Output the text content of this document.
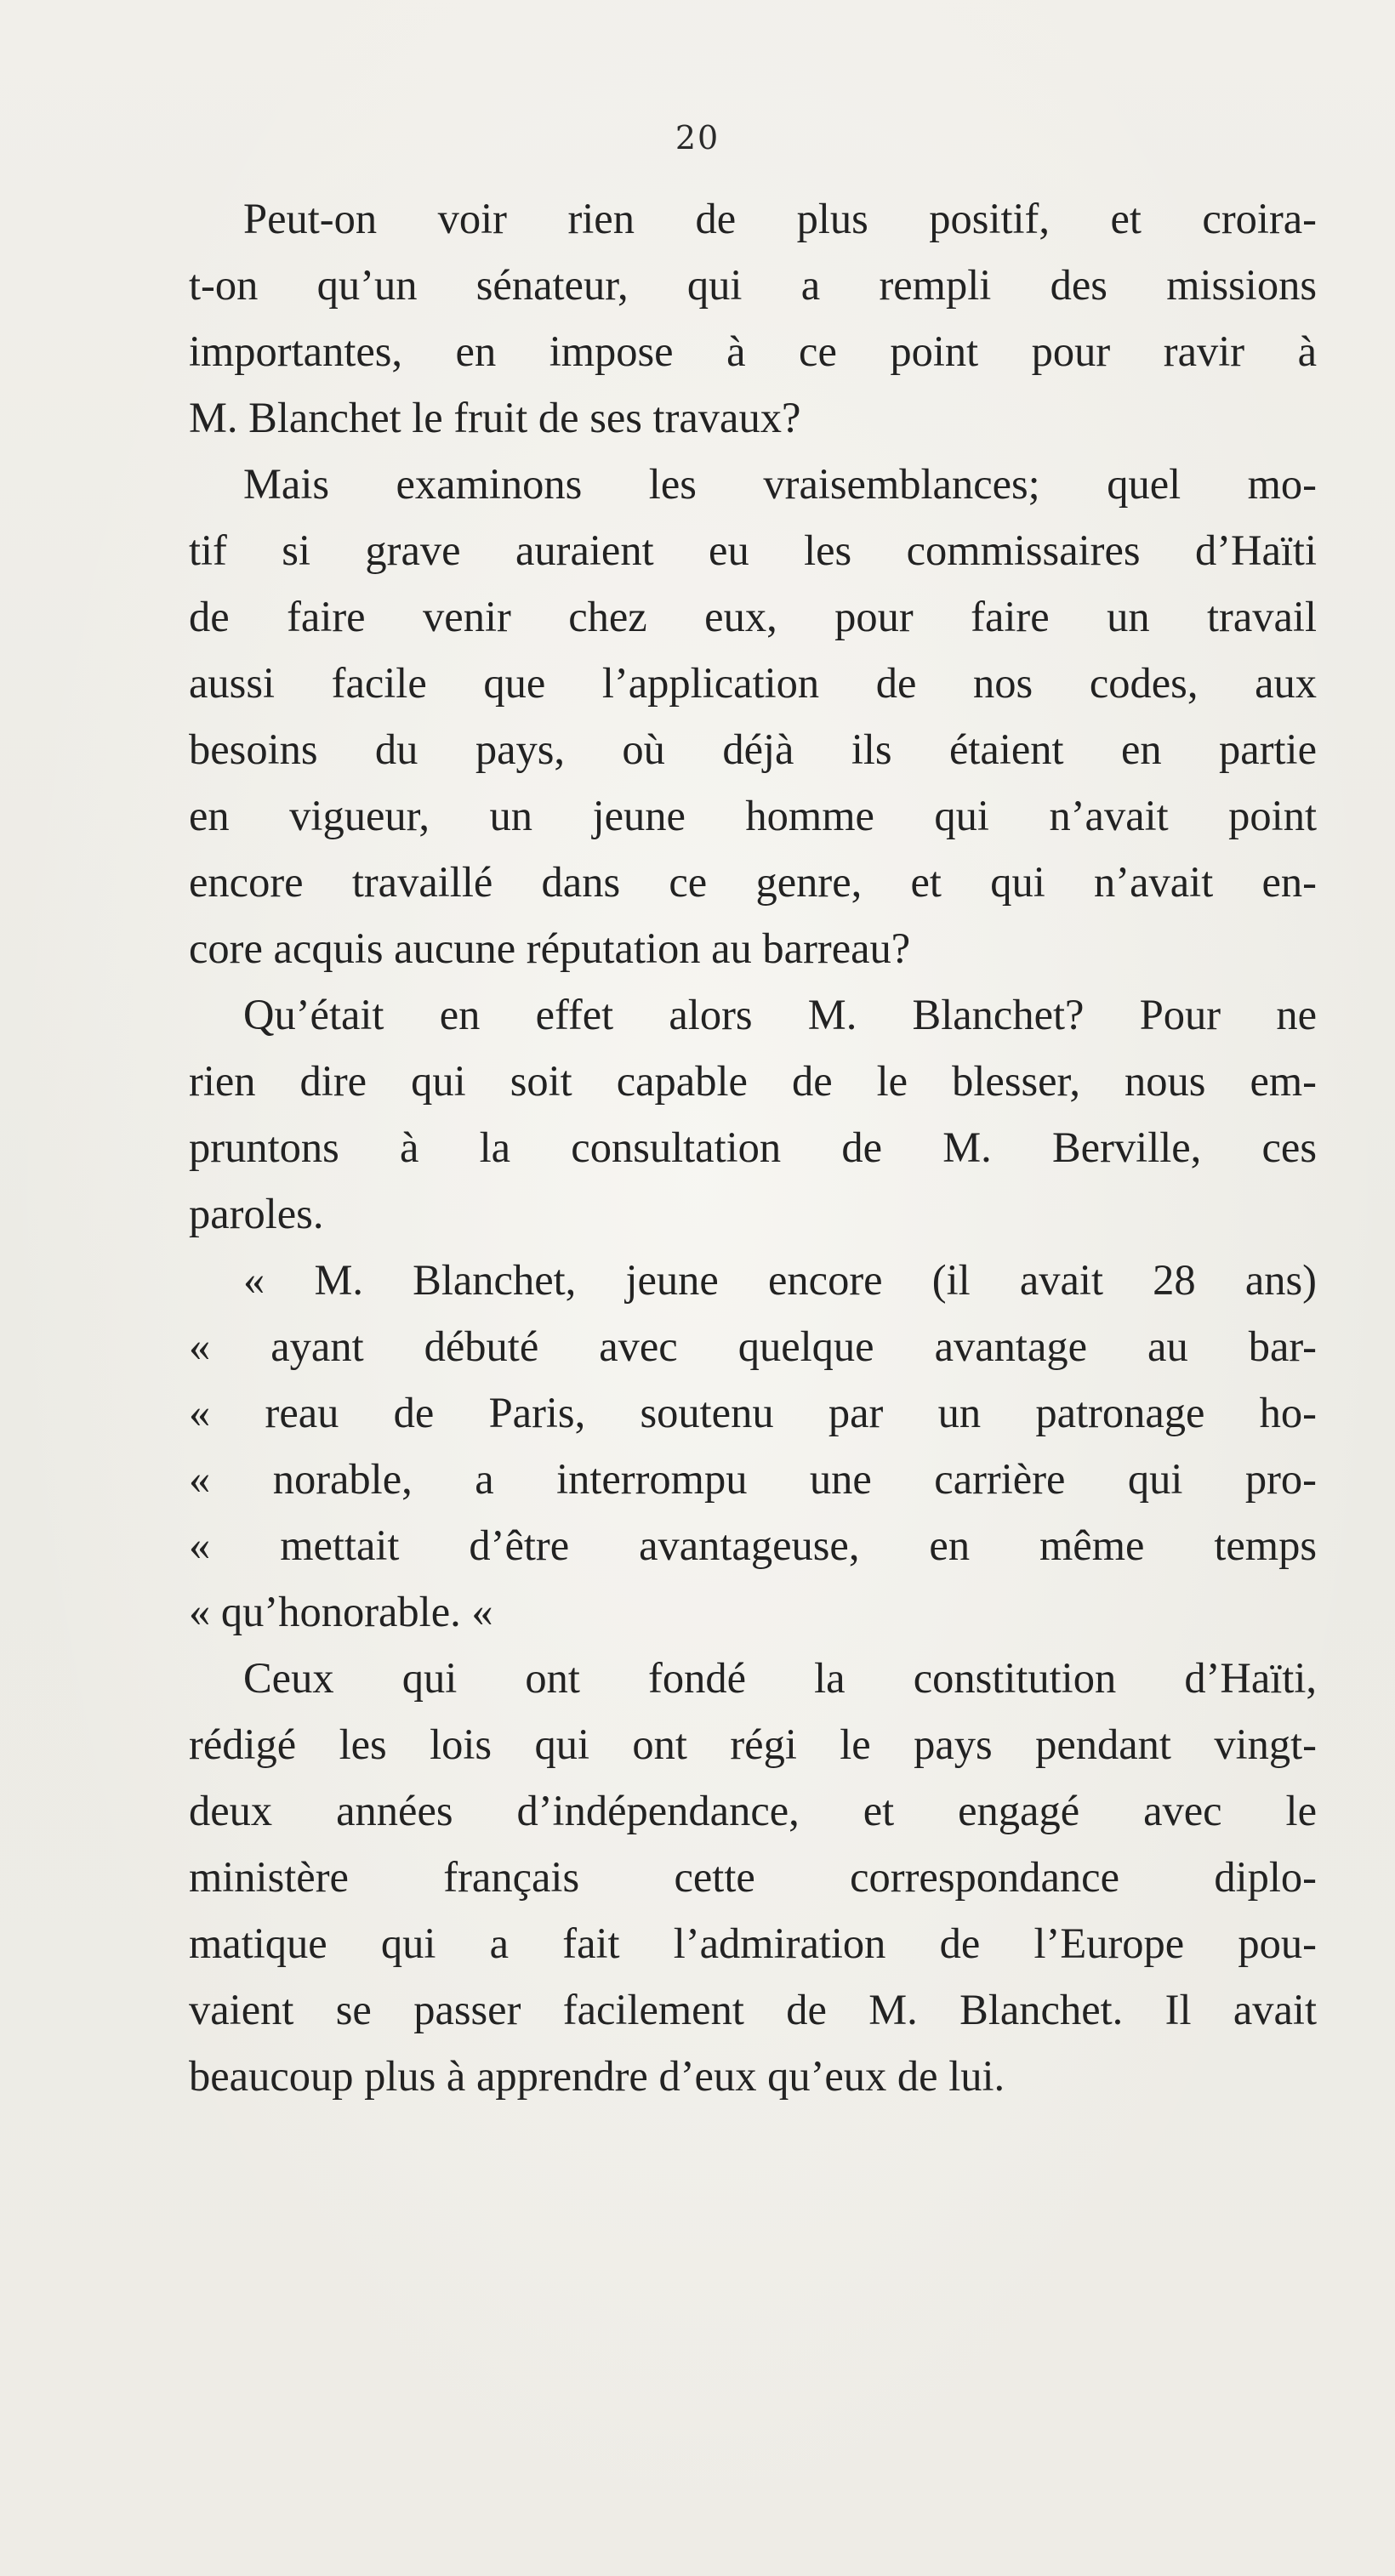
20
Peut-on voir rien de plus positif, et croira-
t-on qu’un sénateur, qui a rempli des missions
importantes, en impose à ce point pour ravir à
M. Blanchet le fruit de ses travaux?
Mais examinons les vraisemblances; quel mo-
tif si grave auraient eu les commissaires d’Haïti
de faire venir chez eux, pour faire un travail
aussi facile que l’application de nos codes, aux
besoins du pays, où déjà ils étaient en partie
en vigueur, un jeune homme qui n’avait point
encore travaillé dans ce genre, et qui n’avait en-
core acquis aucune réputation au barreau?
Qu’était en effet alors M. Blanchet? Pour ne
rien dire qui soit capable de le blesser, nous em-
pruntons à la consultation de M. Berville, ces
paroles.
« M. Blanchet, jeune encore (il avait 28 ans)
« ayant débuté avec quelque avantage au bar-
« reau de Paris, soutenu par un patronage ho-
« norable, a interrompu une carrière qui pro-
« mettait d’être avantageuse, en même temps
« qu’honorable. «
Ceux qui ont fondé la constitution d’Haïti,
rédigé les lois qui ont régi le pays pendant vingt-
deux années d’indépendance, et engagé avec le
ministère français cette correspondance diplo-
matique qui a fait l’admiration de l’Europe pou-
vaient se passer facilement de M. Blanchet. Il avait
beaucoup plus à apprendre d’eux qu’eux de lui.
